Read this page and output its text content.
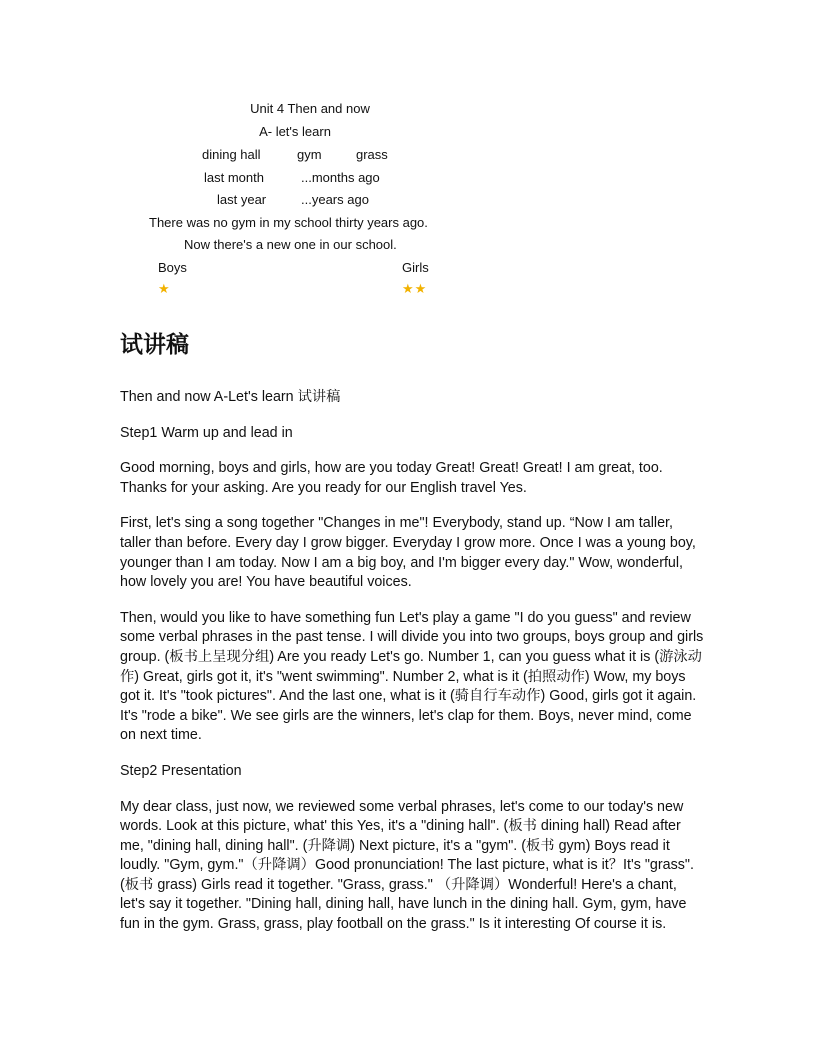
Unit 4 Then and now
A- let's learn
dining hall	gym	grass
last month	...months ago
last year	...years ago
There was no gym in my school thirty years ago.
Now there's a new one in our school.
Boys	Girls
★	★★
试讲稿

Then and now A-Let's learn 试讲稿

Step1 Warm up and lead in

Good morning, boys and girls, how are you today Great! Great! Great! I am great, too. Thanks for your asking. Are you ready for our English travel Yes.

First, let's sing a song together "Changes in me"! Everybody, stand up. “Now I am taller, taller than before. Every day I grow bigger. Everyday I grow more. Once I was a young boy, younger than I am today. Now I am a big boy, and I'm bigger every day." Wow, wonderful, how lovely you are! You have beautiful voices.

Then, would you like to have something fun Let's play a game "I do you guess" and review some verbal phrases in the past tense. I will divide you into two groups, boys group and girls group. (板书上呈现分组) Are you ready Let's go. Number 1, can you guess what it is (游泳动作) Great, girls got it, it's "went swimming". Number 2, what is it (拍照动作) Wow, my boys got it. It's "took pictures". And the last one, what is it (骑自行车动作) Good, girls got it again. It's "rode a bike". We see girls are the winners, let's clap for them. Boys, never mind, come on next time.

Step2 Presentation

My dear class, just now, we reviewed some verbal phrases, let's come to our today's new words. Look at this picture, what' this Yes, it's a "dining hall". (板书 dining hall) Read after me, "dining hall, dining hall". (升降调) Next picture, it's a "gym". (板书 gym) Boys read it loudly. "Gym, gym."（升降调）Good pronunciation! The last picture, what is it？It's "grass". (板书 grass) Girls read it together. "Grass, grass." （升降调）Wonderful! Here's a chant, let's say it together. "Dining hall, dining hall, have lunch in the dining hall. Gym, gym, have fun in the gym. Grass, grass, play football on the grass." Is it interesting Of course it is.
